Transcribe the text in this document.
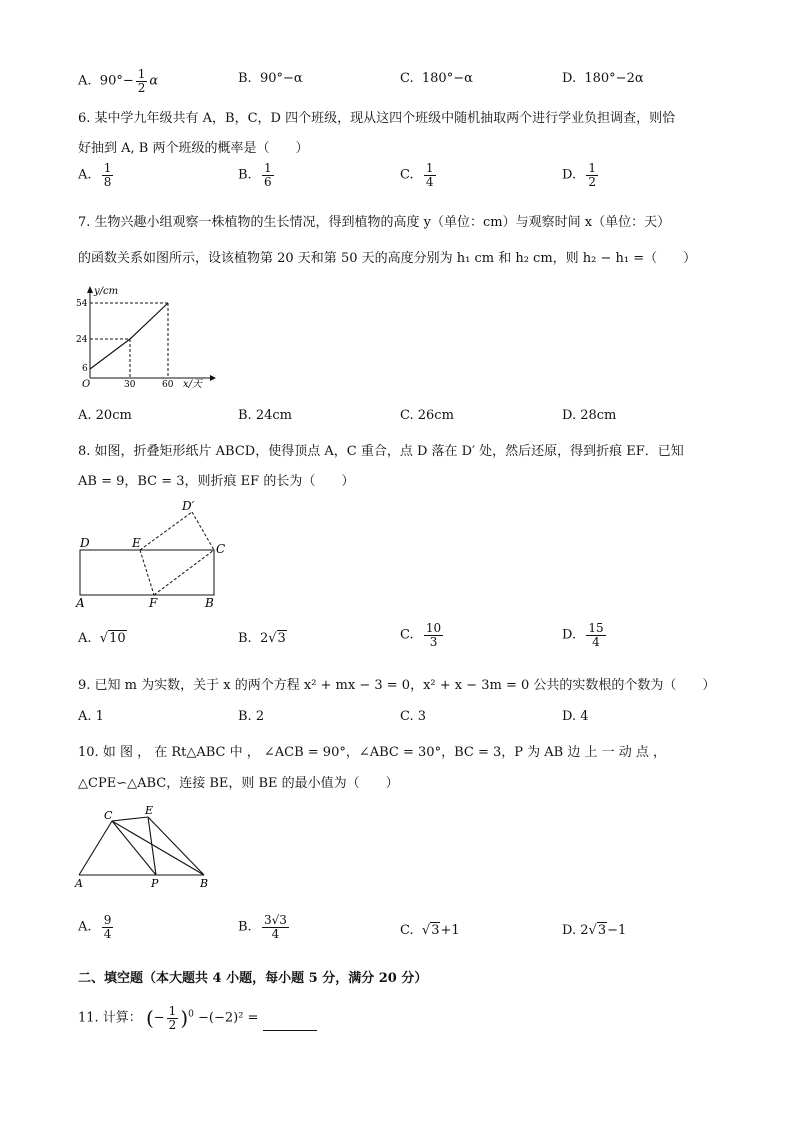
A. $90^\circ- \frac{1}{2}$ α	B. 90°−α	C. 180°−α	D. 180°−2α
6. 某中学九年级共有 A，B，C，D 四个班级，现从这四个班级中随机抽取两个进行学业负担调查，则恰
好抽到 A, B 两个班级的概率是（　　）
A. $\frac{1}{8}$	B. $\frac{1}{6}$	C. $\frac{1}{4}$	D. $\frac{1}{2}$
7. 生物兴趣小组观察一株植物的生长情况，得到植物的高度 y（单位：cm）与观察时间 x（单位：天）
的函数关系如图所示，设该植物第 20 天和第 50 天的高度分别为 h₁ cm 和 h₂ cm，则 h₂ − h₁ =（　　）
y/cm
54
24
6
O	30	60 x/天
A. 20cm	B. 24cm	C. 26cm	D. 28cm
8. 如图，折叠矩形纸片 ABCD，使得顶点 A，C 重合，点 D 落在 D′ 处，然后还原，得到折痕 EF．已知
AB = 9，BC = 3，则折痕 EF 的长为（　　）
D	E	C
D′
A	F	B
A.  √10	B. 2√3	C. $\frac{10}{3}$	D. $\frac{15}{4}$
9. 已知 m 为实数，关于 x 的两个方程 x² + mx − 3 = 0，x² + x − 3m = 0 公共的实数根的个数为（　　）
A. 1	B. 2	C. 3	D. 4
10. 如 图 ， 在 Rt△ABC 中 ， ∠ACB = 90°，∠ABC = 30°，BC = 3，P 为 AB 边 上 一 动 点 ，
△CPE∽△ABC，连接 BE，则 BE 的最小值为（　　）
C	E
A	P	B
A. $\frac{9}{4}$	B. $\frac{3√3}{4}$	C.  √3+1	D. 2√3−1
二、填空题（本大题共 4 小题，每小题 5 分，满分 20 分）
11. 计算： (− $\frac{1}{2} )^0 -(-2)^2$ =
